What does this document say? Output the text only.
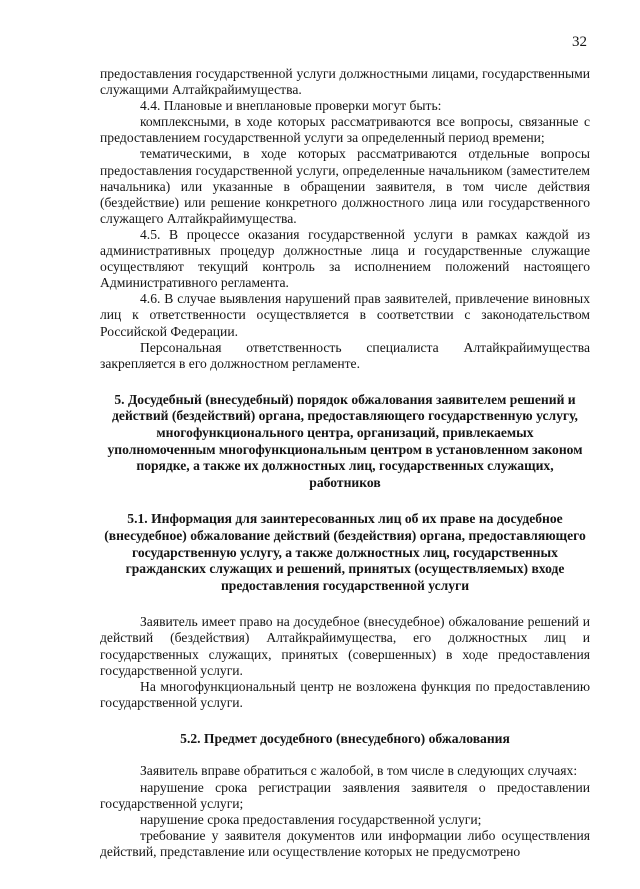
32

предоставления государственной услуги должностными лицами, государственными служащими Алтайкрайимущества.

4.4. Плановые и внеплановые проверки могут быть:

комплексными, в ходе которых рассматриваются все вопросы, связанные с предоставлением государственной услуги за определенный период времени;

тематическими, в ходе которых рассматриваются отдельные вопросы предоставления государственной услуги, определенные начальником (заместителем начальника) или указанные в обращении заявителя, в том числе действия (бездействие) или решение конкретного должностного лица или государственного служащего Алтайкрайимущества.

4.5. В процессе оказания государственной услуги в рамках каждой из административных процедур должностные лица и государственные служащие осуществляют текущий контроль за исполнением положений настоящего Административного регламента.

4.6. В случае выявления нарушений прав заявителей, привлечение виновных лиц к ответственности осуществляется в соответствии с законодательством Российской Федерации.

Персональная ответственность специалиста Алтайкрайимущества закрепляется в его должностном регламенте.

5. Досудебный (внесудебный) порядок обжалования заявителем решений и действий (бездействий) органа, предоставляющего государственную услугу, многофункционального центра, организаций, привлекаемых уполномоченным многофункциональным центром в установленном законом порядке, а также их должностных лиц, государственных служащих, работников

5.1. Информация для заинтересованных лиц об их праве на досудебное (внесудебное) обжалование действий (бездействия) органа, предоставляющего государственную услугу, а также должностных лиц, государственных гражданских служащих и решений, принятых (осуществляемых) входе предоставления государственной услуги

Заявитель имеет право на досудебное (внесудебное) обжалование решений и действий (бездействия) Алтайкрайимущества, его должностных лиц и государственных служащих, принятых (совершенных) в ходе предоставления государственной услуги.

На многофункциональный центр не возложена функция по предоставлению государственной услуги.

5.2. Предмет досудебного (внесудебного) обжалования

Заявитель вправе обратиться с жалобой, в том числе в следующих случаях:

нарушение срока регистрации заявления заявителя о предоставлении государственной услуги;

нарушение срока предоставления государственной услуги;

требование у заявителя документов или информации либо осуществления действий, представление или осуществление которых не предусмотрено
